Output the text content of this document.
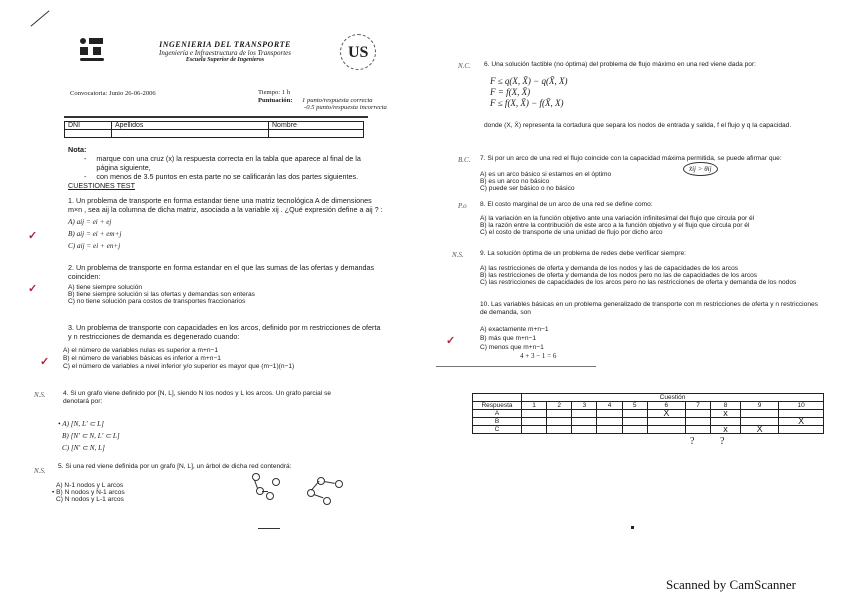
INGENIERIA DEL TRANSPORTE
Ingeniería e Infraestructura de los Transportes
Escuela Superior de Ingenieros	US
Convocatoria: Junio 26-06-2006	Tiempo: 1 h
Puntuación: 1 punto/respuesta correcta
-0.5 punto/respuesta incorrecta
DNI	Apellidos	Nombre

Nota:
- marque con una cruz (x) la respuesta correcta en la tabla que aparece al final de la página siguiente,
- con menos de 3.5 puntos en esta parte no se calificarán las dos partes siguientes.
CUESTIONES TEST
1. Un problema de transporte en forma estandar tiene una matriz tecnológica A de dimensiones m×n , sea aij la columna de dicha matriz, asociada a la variable xij . ¿Qué expresión define a aij ? :
A) aij = ei + ej
✓	B) aij = ei + em+j
C) aij = ei + en+j
2. Un problema de transporte en forma estandar en el que las sumas de las ofertas y demandas coinciden:
✓	A) tiene siempre solución
B) tiene siempre solución si las ofertas y demandas son enteras
C) no tiene solución para costos de transportes fraccionarios
3. Un problema de transporte con capacidades en los arcos, definido por m restricciones de oferta y n restricciones de demanda es degenerado cuando:
A) el número de variables nulas es superior a m+n−1
✓ B) el número de variables básicas es inferior a m+n−1
C) el número de variables a nivel inferior y/o superior es mayor que (m−1)(n−1)
N.S.	4. Si un grafo viene definido por [N, L], siendo N los nodos y L los arcos. Un grafo parcial se denotará por:
• A) [N, L' ⊂ L]
B) [N' ⊂ N, L' ⊂ L]
C) [N' ⊂ N, L]
N.S.
5. Si una red viene definida por un grafo [N, L], un árbol de dicha red contendrá:
A) N-1 nodos y L arcos
• B) N nodos y N-1 arcos
C) N nodos y L-1 arcos
N.C. 6. Una solución factible (no óptima) del problema de flujo máximo en una red viene dada por:
F ≤ q(X, X̄) − q(X̄, X)
F = f(X, X̄)
F ≤ f(X, X̄) − f(X̄, X)
donde (X, X̄) representa la cortadura que separa los nodos de entrada y salida, f el flujo y q la capacidad.
B.C. 7. Si por un arco de una red el flujo coincide con la capacidad máxima permitida, se puede afirmar que:
x̃ij > θij
A) es un arco básico si estamos en el óptimo
B) es un arco no básico
C) puede ser básico o no básico
P.o 8. El costo marginal de un arco de una red se define como:
A) la variación en la función objetivo ante una variación infinitesimal del flujo que circula por él
B) la razón entre la contribución de este arco a la función objetivo y el flujo que circula por él
C) el costo de transporte de una unidad de flujo por dicho arco
N.S. 9. La solución óptima de un problema de redes debe verificar siempre:
A) las restricciones de oferta y demanda de los nodos y las de capacidades de los arcos
B) las restricciones de oferta y demanda de los nodos pero no las de capacidades de los arcos
C) las restricciones de capacidades de los arcos pero no las restricciones de oferta y demanda de los nodos
10. Las variables básicas en un problema generalizado de transporte con m restricciones de oferta y n restricciones de demanda, son
A) exactamente m+n−1
✓	B) más que m+n−1
C) menos que m+n−1
4 + 3 − 1 = 6
	Cuestión									
Respuesta	1	2	3	4	5	6	7	8	9	10
A						X		x		
B										X
C								x	X	
?	?
Scanned by CamScanner
